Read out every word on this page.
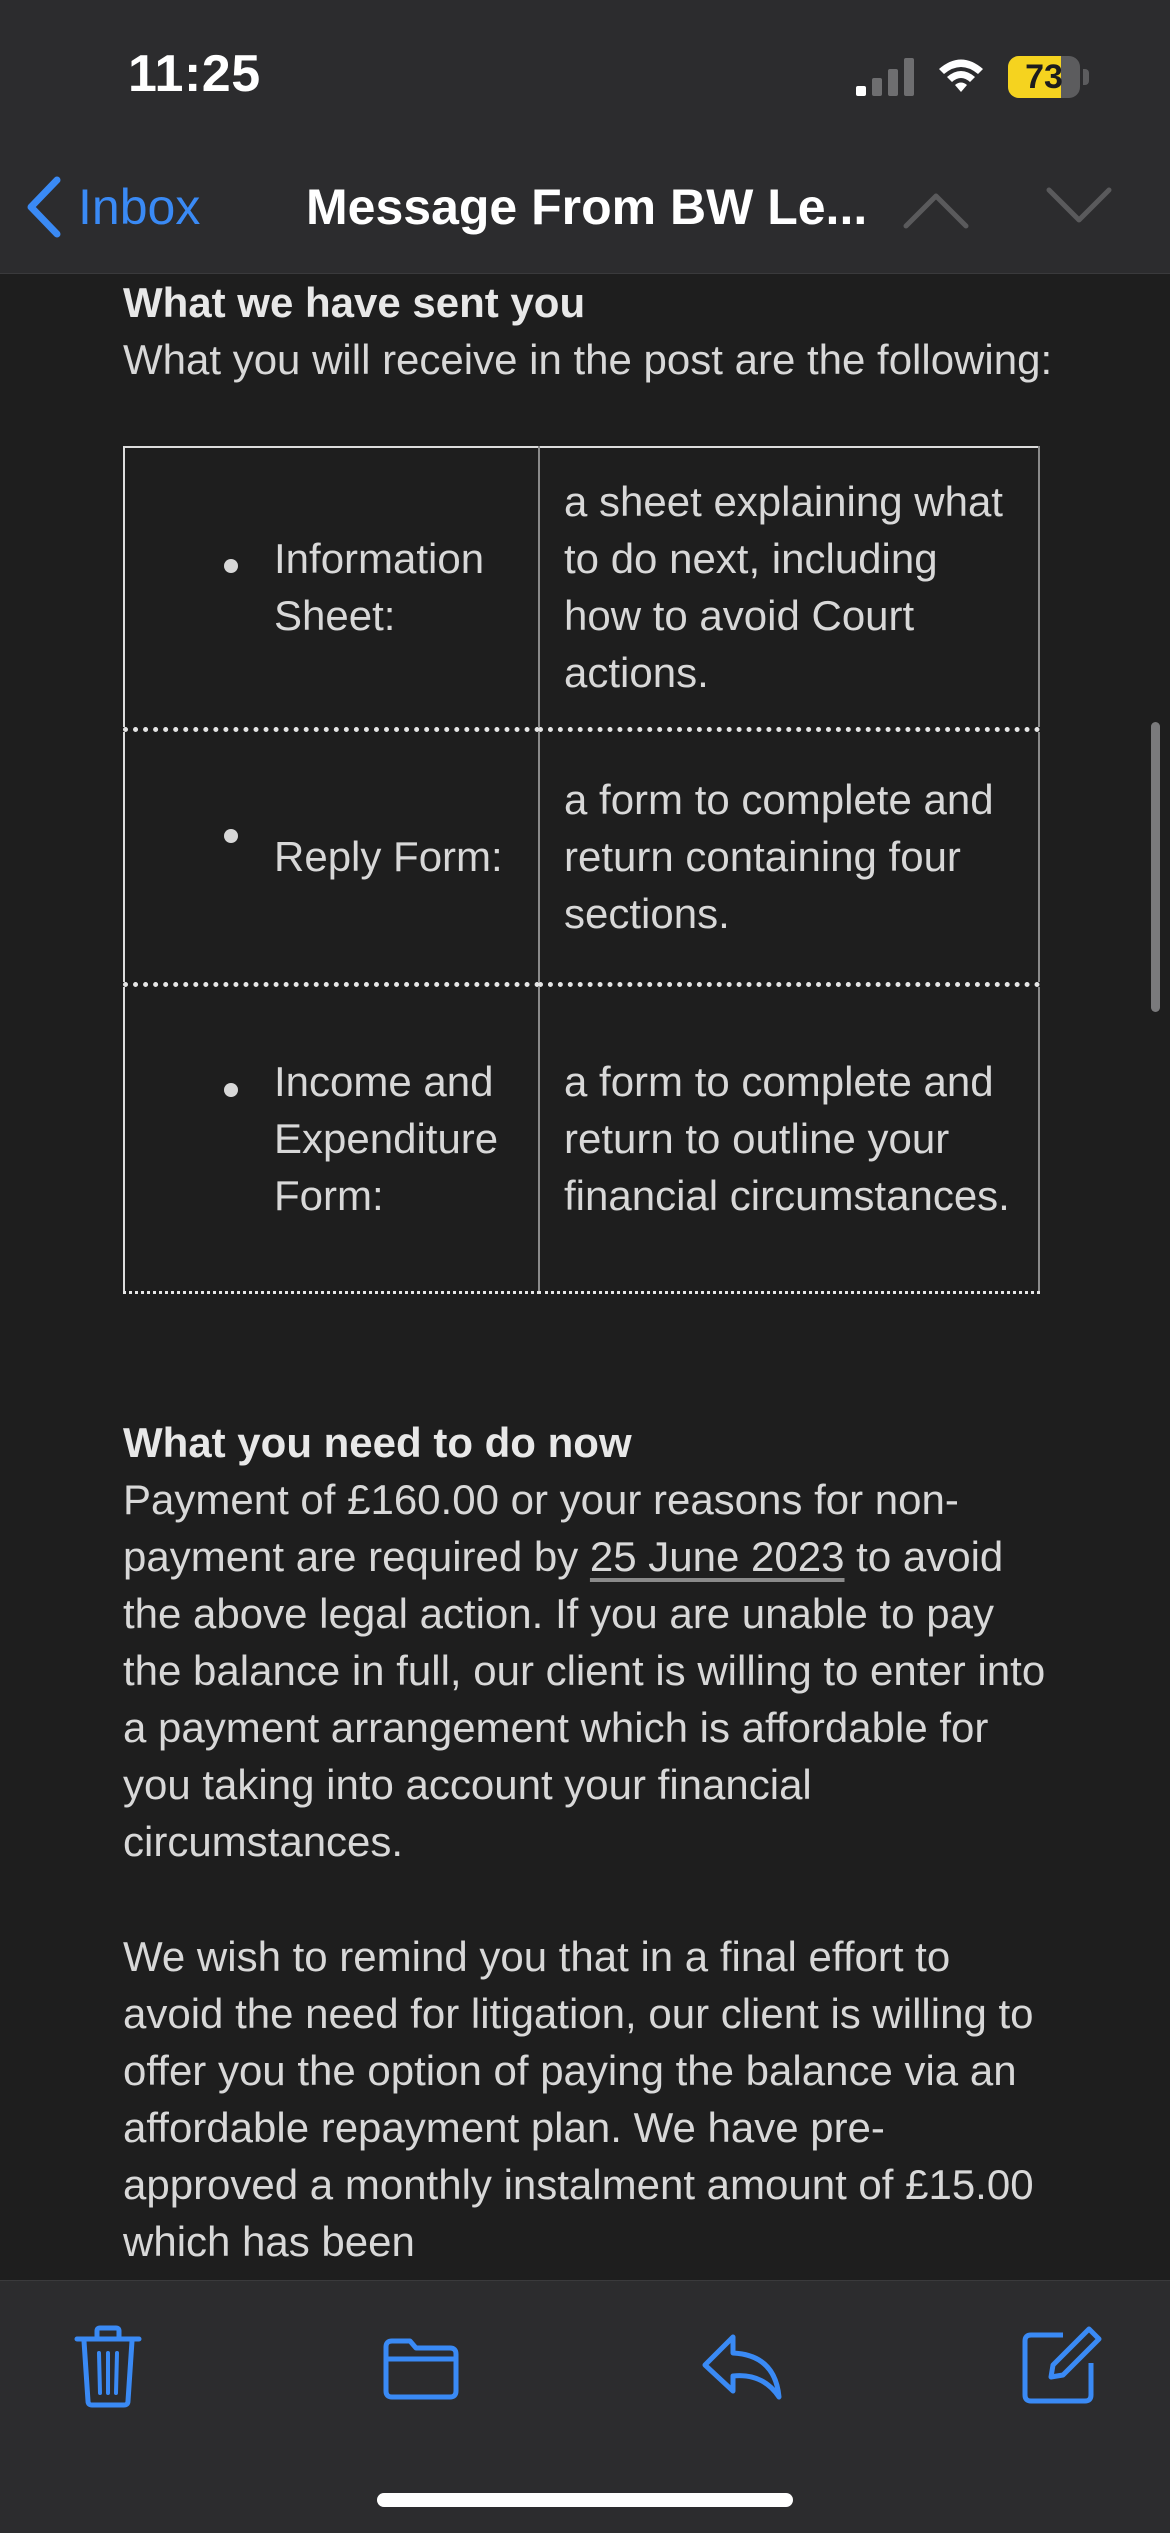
11:25	73
Inbox Message From BW Le...
What we have sent you
What you will receive in the post are the following:
Information Sheet:	a sheet explaining what to do next, including how to avoid Court actions.

Reply Form:	a form to complete and return containing four sections.

Income and Expenditure Form:	a form to complete and return to outline your financial circumstances.
What you need to do now
Payment of £160.00 or your reasons for non-payment are required by 25 June 2023 to avoid the above legal action. If you are unable to pay the balance in full, our client is willing to enter into a payment arrangement which is affordable for you taking into account your financial circumstances.
We wish to remind you that in a final effort to avoid the need for litigation, our client is willing to offer you the option of paying the balance via an affordable repayment plan. We have pre-approved a monthly instalment amount of £15.00 which has been
